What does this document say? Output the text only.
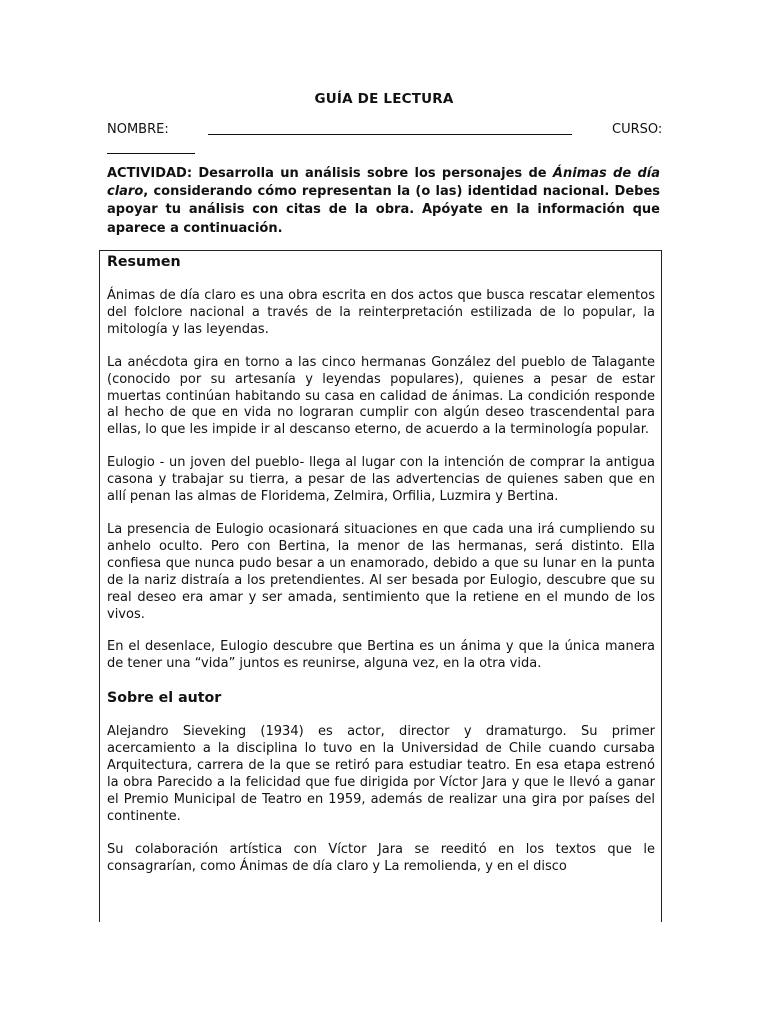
GUÍA DE LECTURA
NOMBRE:	CURSO:
ACTIVIDAD: Desarrolla un análisis sobre los personajes de Ánimas de día claro, considerando cómo representan la (o las) identidad nacional. Debes apoyar tu análisis con citas de la obra. Apóyate en la información que aparece a continuación.
Resumen

Ánimas de día claro es una obra escrita en dos actos que busca rescatar elementos del folclore nacional a través de la reinterpretación estilizada de lo popular, la mitología y las leyendas.

La anécdota gira en torno a las cinco hermanas González del pueblo de Talagante (conocido por su artesanía y leyendas populares), quienes a pesar de estar muertas continúan habitando su casa en calidad de ánimas. La condición responde al hecho de que en vida no lograran cumplir con algún deseo trascendental para ellas, lo que les impide ir al descanso eterno, de acuerdo a la terminología popular.

Eulogio - un joven del pueblo- llega al lugar con la intención de comprar la antigua casona y trabajar su tierra, a pesar de las advertencias de quienes saben que en allí penan las almas de Floridema, Zelmira, Orfilia, Luzmira y Bertina.

La presencia de Eulogio ocasionará situaciones en que cada una irá cumpliendo su anhelo oculto. Pero con Bertina, la menor de las hermanas, será distinto. Ella confiesa que nunca pudo besar a un enamorado, debido a que su lunar en la punta de la nariz distraía a los pretendientes. Al ser besada por Eulogio, descubre que su real deseo era amar y ser amada, sentimiento que la retiene en el mundo de los vivos.

En el desenlace, Eulogio descubre que Bertina es un ánima y que la única manera de tener una “vida” juntos es reunirse, alguna vez, en la otra vida.

Sobre el autor

Alejandro Sieveking (1934) es actor, director y dramaturgo. Su primer acercamiento a la disciplina lo tuvo en la Universidad de Chile cuando cursaba Arquitectura, carrera de la que se retiró para estudiar teatro. En esa etapa estrenó la obra Parecido a la felicidad que fue dirigida por Víctor Jara y que le llevó a ganar el Premio Municipal de Teatro en 1959, además de realizar una gira por países del continente.

Su colaboración artística con Víctor Jara se reeditó en los textos que le consagrarían, como Ánimas de día claro y La remolienda, y en el disco
